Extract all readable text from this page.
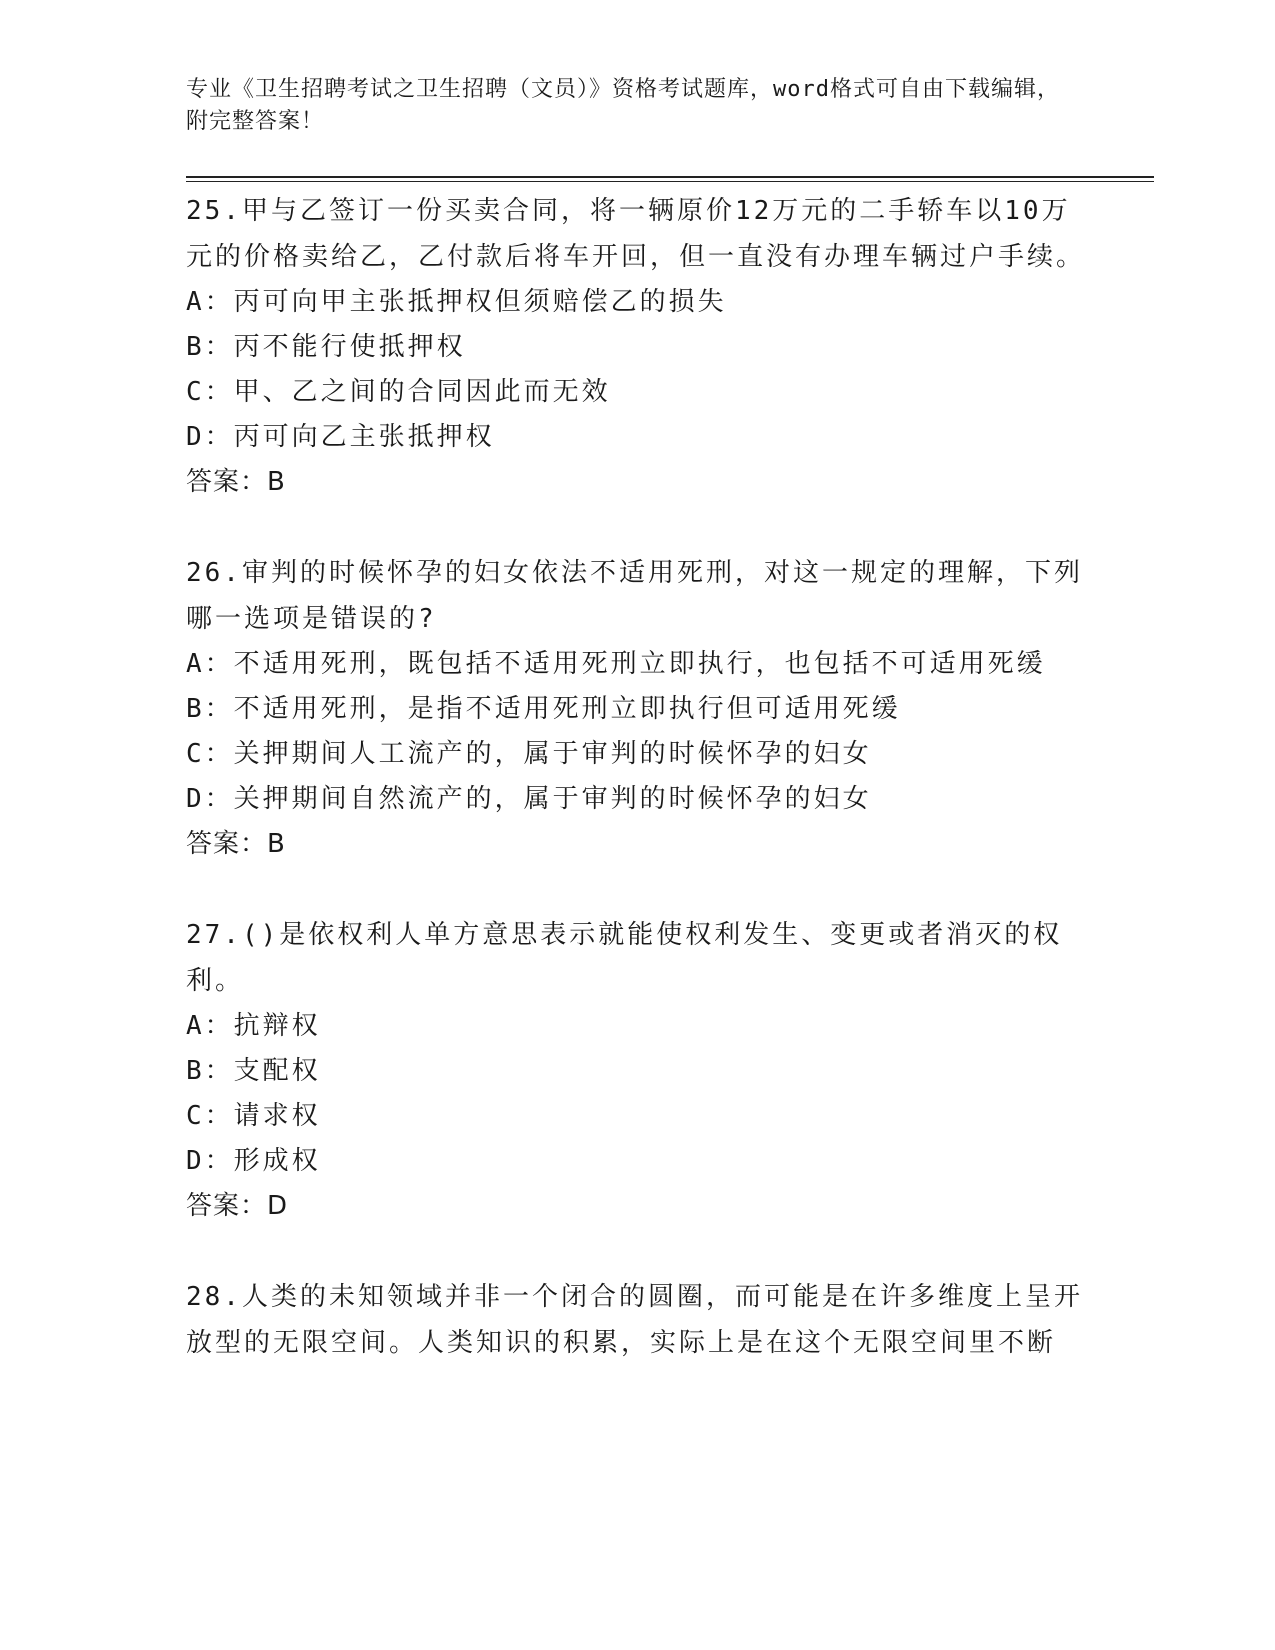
专业《卫生招聘考试之卫生招聘（文员）》资格考试题库，word格式可自由下载编辑，附完整答案！

25.甲与乙签订一份买卖合同，将一辆原价12万元的二手轿车以10万元的价格卖给乙，乙付款后将车开回，但一直没有办理车辆过户手续。

A：丙可向甲主张抵押权但须赔偿乙的损失

B：丙不能行使抵押权

C：甲、乙之间的合同因此而无效

D：丙可向乙主张抵押权

答案：B

26.审判的时候怀孕的妇女依法不适用死刑，对这一规定的理解，下列哪一选项是错误的?

A：不适用死刑，既包括不适用死刑立即执行，也包括不可适用死缓

B：不适用死刑，是指不适用死刑立即执行但可适用死缓

C：关押期间人工流产的，属于审判的时候怀孕的妇女

D：关押期间自然流产的，属于审判的时候怀孕的妇女

答案：B

27.()是依权利人单方意思表示就能使权利发生、变更或者消灭的权利。

A：抗辩权

B：支配权

C：请求权

D：形成权

答案：D

28.人类的未知领域并非一个闭合的圆圈，而可能是在许多维度上呈开放型的无限空间。人类知识的积累，实际上是在这个无限空间里不断
